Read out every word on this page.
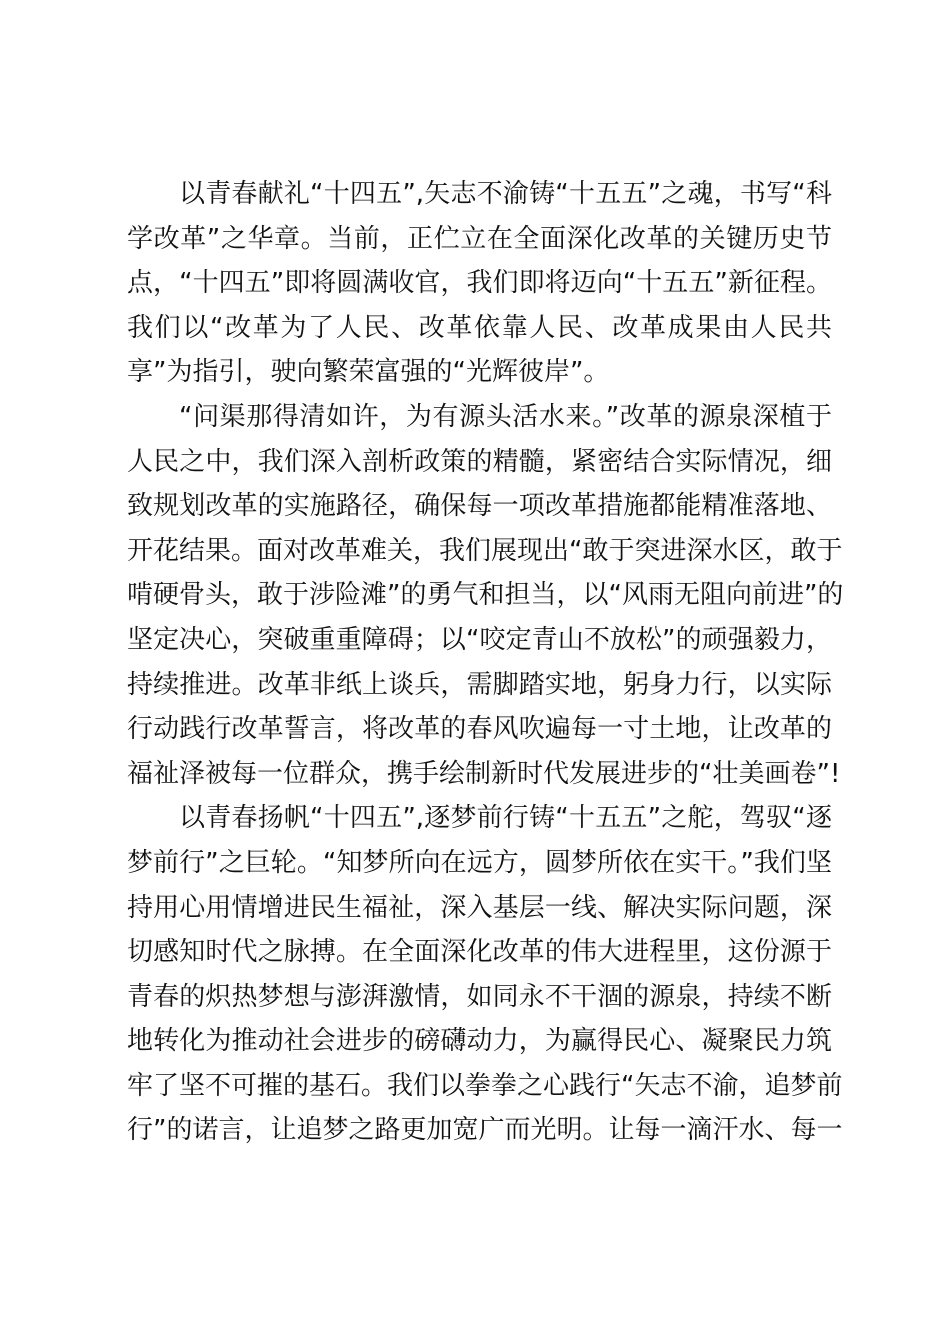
以青春献礼“十四五”,矢志不渝铸“十五五”之魂，书写“科
学改革”之华章。当前，正伫立在全面深化改革的关键历史节
点，“十四五”即将圆满收官，我们即将迈向“十五五”新征程。
我们以“改革为了人民、改革依靠人民、改革成果由人民共
享”为指引，驶向繁荣富强的“光辉彼岸”。
“问渠那得清如许，为有源头活水来。”改革的源泉深植于
人民之中，我们深入剖析政策的精髓，紧密结合实际情况，细
致规划改革的实施路径，确保每一项改革措施都能精准落地、
开花结果。面对改革难关，我们展现出“敢于突进深水区，敢于
啃硬骨头，敢于涉险滩”的勇气和担当，以“风雨无阻向前进”的
坚定决心，突破重重障碍；以“咬定青山不放松”的顽强毅力，
持续推进。改革非纸上谈兵，需脚踏实地，躬身力行，以实际
行动践行改革誓言，将改革的春风吹遍每一寸土地，让改革的
福祉泽被每一位群众，携手绘制新时代发展进步的“壮美画卷”!
以青春扬帆“十四五”,逐梦前行铸“十五五”之舵，驾驭“逐
梦前行”之巨轮。“知梦所向在远方，圆梦所依在实干。”我们坚
持用心用情增进民生福祉，深入基层一线、解决实际问题，深
切感知时代之脉搏。在全面深化改革的伟大进程里，这份源于
青春的炽热梦想与澎湃激情，如同永不干涸的源泉，持续不断
地转化为推动社会进步的磅礴动力，为赢得民心、凝聚民力筑
牢了坚不可摧的基石。我们以拳拳之心践行“矢志不渝，追梦前
行”的诺言，让追梦之路更加宽广而光明。让每一滴汗水、每一
